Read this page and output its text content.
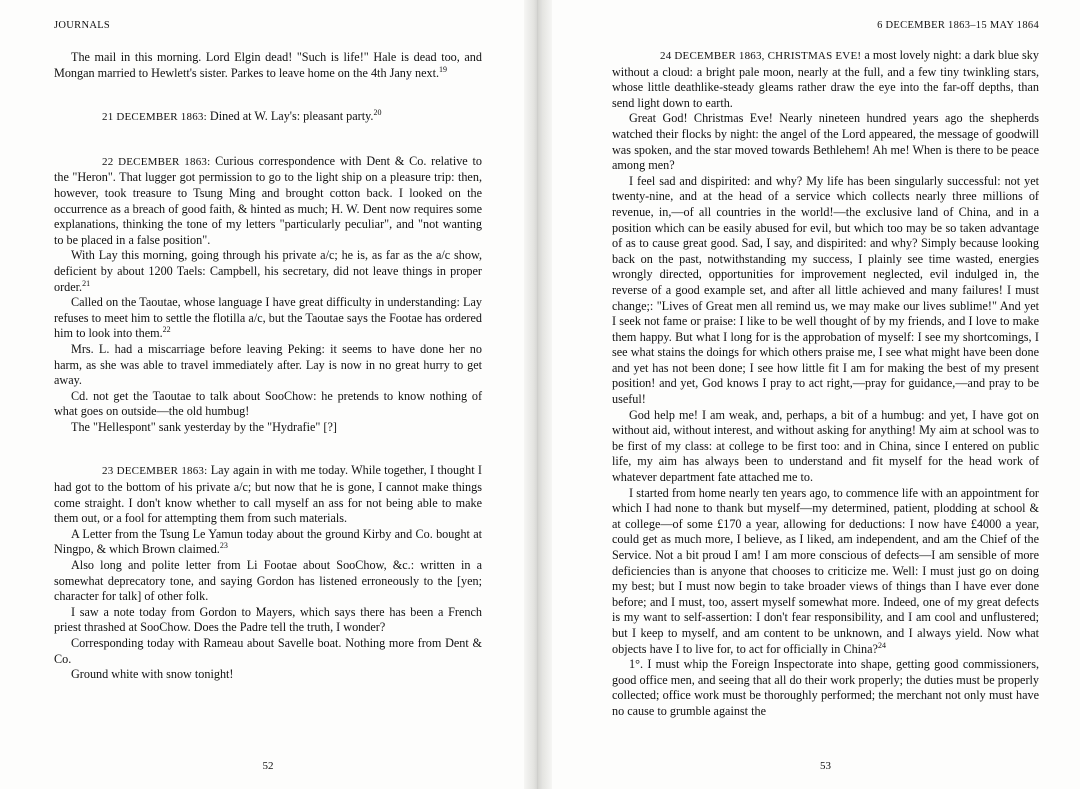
JOURNALS

The mail in this morning. Lord Elgin dead! "Such is life!" Hale is dead too, and Mongan married to Hewlett's sister. Parkes to leave home on the 4th Jany next.$^{19}$

21 DECEMBER 1863: Dined at W. Lay's: pleasant party.$^{20}$

22 DECEMBER 1863: Curious correspondence with Dent & Co. relative to the "Heron". That lugger got permission to go to the light ship on a pleasure trip: then, however, took treasure to Tsung Ming and brought cotton back. I looked on the occurrence as a breach of good faith, & hinted as much; H. W. Dent now requires some explanations, thinking the tone of my letters "particularly peculiar", and "not wanting to be placed in a false position".

With Lay this morning, going through his private a/c; he is, as far as the a/c show, deficient by about 1200 Taels: Campbell, his secretary, did not leave things in proper order.$^{21}$

Called on the Taoutae, whose language I have great difficulty in understanding: Lay refuses to meet him to settle the flotilla a/c, but the Taoutae says the Footae has ordered him to look into them.$^{22}$

Mrs. L. had a miscarriage before leaving Peking: it seems to have done her no harm, as she was able to travel immediately after. Lay is now in no great hurry to get away.

Cd. not get the Taoutae to talk about SooChow: he pretends to know nothing of what goes on outside—the old humbug!

The "Hellespont" sank yesterday by the "Hydrafie" [?]

23 DECEMBER 1863: Lay again in with me today. While together, I thought I had got to the bottom of his private a/c; but now that he is gone, I cannot make things come straight. I don't know whether to call myself an ass for not being able to make them out, or a fool for attempting them from such materials.

A Letter from the Tsung Le Yamun today about the ground Kirby and Co. bought at Ningpo, & which Brown claimed.$^{23}$

Also long and polite letter from Li Footae about SooChow, &c.: written in a somewhat deprecatory tone, and saying Gordon has listened erroneously to the [yen; character for talk] of other folk.

I saw a note today from Gordon to Mayers, which says there has been a French priest thrashed at SooChow. Does the Padre tell the truth, I wonder?

Corresponding today with Rameau about Savelle boat. Nothing more from Dent & Co.

Ground white with snow tonight!

52
6 DECEMBER 1863–15 MAY 1864

24 DECEMBER 1863, CHRISTMAS EVE! a most lovely night: a dark blue sky without a cloud: a bright pale moon, nearly at the full, and a few tiny twinkling stars, whose little deathlike-steady gleams rather draw the eye into the far-off depths, than send light down to earth.

Great God! Christmas Eve! Nearly nineteen hundred years ago the shepherds watched their flocks by night: the angel of the Lord appeared, the message of goodwill was spoken, and the star moved towards Bethlehem! Ah me! When is there to be peace among men?

I feel sad and dispirited: and why? My life has been singularly successful: not yet twenty-nine, and at the head of a service which collects nearly three millions of revenue, in,—of all countries in the world!—the exclusive land of China, and in a position which can be easily abused for evil, but which too may be so taken advantage of as to cause great good. Sad, I say, and dispirited: and why? Simply because looking back on the past, notwithstanding my success, I plainly see time wasted, energies wrongly directed, opportunities for improvement neglected, evil indulged in, the reverse of a good example set, and after all little achieved and many failures! I must change;: "Lives of Great men all remind us, we may make our lives sublime!" And yet I seek not fame or praise: I like to be well thought of by my friends, and I love to make them happy. But what I long for is the approbation of myself: I see my shortcomings, I see what stains the doings for which others praise me, I see what might have been done and yet has not been done; I see how little fit I am for making the best of my present position! and yet, God knows I pray to act right,—pray for guidance,—and pray to be useful!

God help me! I am weak, and, perhaps, a bit of a humbug: and yet, I have got on without aid, without interest, and without asking for anything! My aim at school was to be first of my class: at college to be first too: and in China, since I entered on public life, my aim has always been to understand and fit myself for the head work of whatever department fate attached me to.

I started from home nearly ten years ago, to commence life with an appointment for which I had none to thank but myself—my determined, patient, plodding at school & at college—of some £170 a year, allowing for deductions: I now have £4000 a year, could get as much more, I believe, as I liked, am independent, and am the Chief of the Service. Not a bit proud I am! I am more conscious of defects—I am sensible of more deficiencies than is anyone that chooses to criticize me. Well: I must just go on doing my best; but I must now begin to take broader views of things than I have ever done before; and I must, too, assert myself somewhat more. Indeed, one of my great defects is my want to self-assertion: I don't fear responsibility, and I am cool and unflustered; but I keep to myself, and am content to be unknown, and I always yield. Now what objects have I to live for, to act for officially in China?$^{24}$

1°. I must whip the Foreign Inspectorate into shape, getting good commissioners, good office men, and seeing that all do their work properly; the duties must be properly collected; office work must be thoroughly performed; the merchant not only must have no cause to grumble against the

53
